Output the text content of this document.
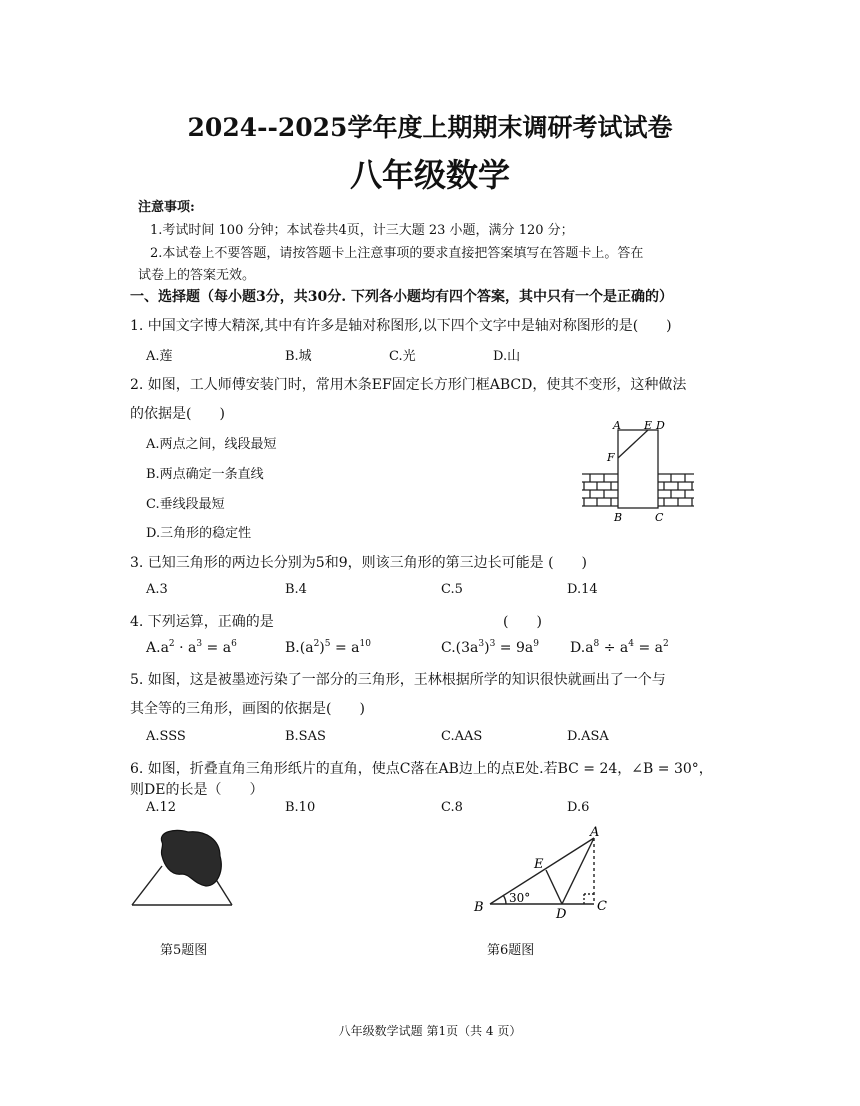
2024--2025学年度上期期末调研考试试卷
八年级数学
注意事项:
1.考试时间 100 分钟；本试卷共4页，计三大题 23 小题，满分 120 分；
2.本试卷上不要答题，请按答题卡上注意事项的要求直接把答案填写在答题卡上。答在
试卷上的答案无效。
一、选择题（每小题3分，共30分. 下列各小题均有四个答案，其中只有一个是正确的）
1. 中国文字博大精深,其中有许多是轴对称图形,以下四个文字中是轴对称图形的是(　　)
A.莲	B.城	C.光	D.山
2. 如图，工人师傅安装门时，常用木条EF固定长方形门框ABCD，使其不变形，这种做法
的依据是(　　)
A.两点之间，线段最短
B.两点确定一条直线
C.垂线段最短
D.三角形的稳定性
A E D
F
B	C
3. 已知三角形的两边长分别为5和9，则该三角形的第三边长可能是 (　　)
A.3	B.4	C.5	D.14
4. 下列运算，正确的是	(　　)
$A.a^2 \cdot a^3 = a^6$	$B.(a^2)^5 = a^{10}$	$C.(3a^3)^3 = 9a^9$ $D.a^8 \div a^4 = a^2$
5. 如图，这是被墨迹污染了一部分的三角形，王林根据所学的知识很快就画出了一个与
其全等的三角形，画图的依据是(　　)
A.SSS	B.SAS	C.AAS	D.ASA
6. 如图，折叠直角三角形纸片的直角，使点C落在AB边上的点E处.若BC = 24，∠B = 30°，
则DE的长是（　　）
A.12	B.10	C.8	D.6
第5题图
A
E
B	D
C
30°
第6题图
八年级数学试题 第1页（共 4 页）
